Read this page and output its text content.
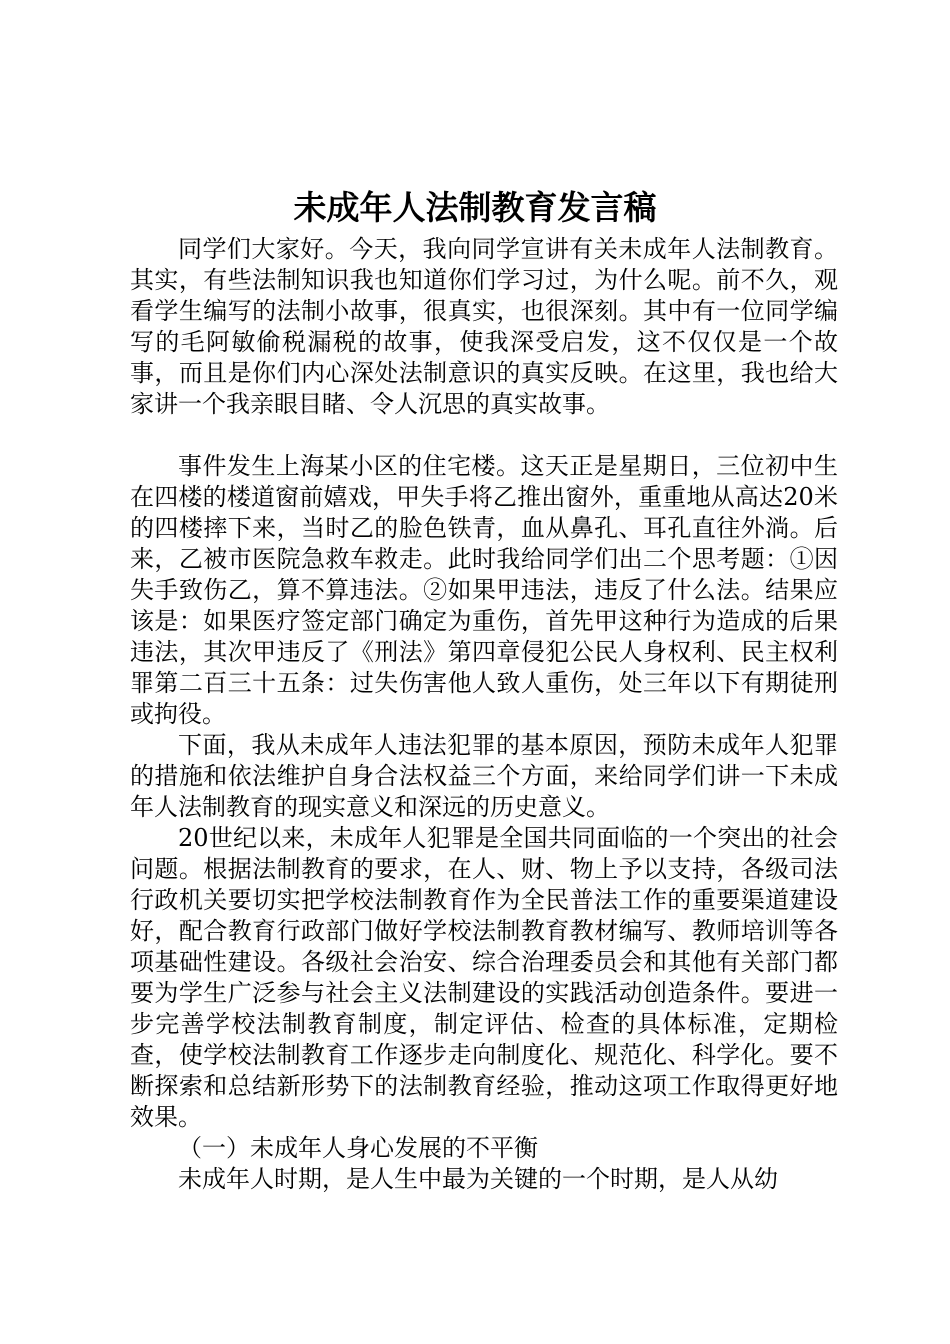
未成年人法制教育发言稿

同学们大家好。今天，我向同学宣讲有关未成年人法制教育。其实，有些法制知识我也知道你们学习过，为什么呢。前不久，观看学生编写的法制小故事，很真实，也很深刻。其中有一位同学编写的毛阿敏偷税漏税的故事，使我深受启发，这不仅仅是一个故事，而且是你们内心深处法制意识的真实反映。在这里，我也给大家讲一个我亲眼目睹、令人沉思的真实故事。

事件发生上海某小区的住宅楼。这天正是星期日，三位初中生在四楼的楼道窗前嬉戏，甲失手将乙推出窗外，重重地从高达20米的四楼摔下来，当时乙的脸色铁青，血从鼻孔、耳孔直往外淌。后来，乙被市医院急救车救走。此时我给同学们出二个思考题：①因失手致伤乙，算不算违法。②如果甲违法，违反了什么法。结果应该是：如果医疗签定部门确定为重伤，首先甲这种行为造成的后果违法，其次甲违反了《刑法》第四章侵犯公民人身权利、民主权利罪第二百三十五条：过失伤害他人致人重伤，处三年以下有期徒刑或拘役。

下面，我从未成年人违法犯罪的基本原因，预防未成年人犯罪的措施和依法维护自身合法权益三个方面，来给同学们讲一下未成年人法制教育的现实意义和深远的历史意义。

20世纪以来，未成年人犯罪是全国共同面临的一个突出的社会问题。根据法制教育的要求，在人、财、物上予以支持，各级司法行政机关要切实把学校法制教育作为全民普法工作的重要渠道建设好，配合教育行政部门做好学校法制教育教材编写、教师培训等各项基础性建设。各级社会治安、综合治理委员会和其他有关部门都要为学生广泛参与社会主义法制建设的实践活动创造条件。要进一步完善学校法制教育制度，制定评估、检查的具体标准，定期检查，使学校法制教育工作逐步走向制度化、规范化、科学化。要不断探索和总结新形势下的法制教育经验，推动这项工作取得更好地效果。

（一）未成年人身心发展的不平衡

未成年人时期，是人生中最为关键的一个时期，是人从幼
